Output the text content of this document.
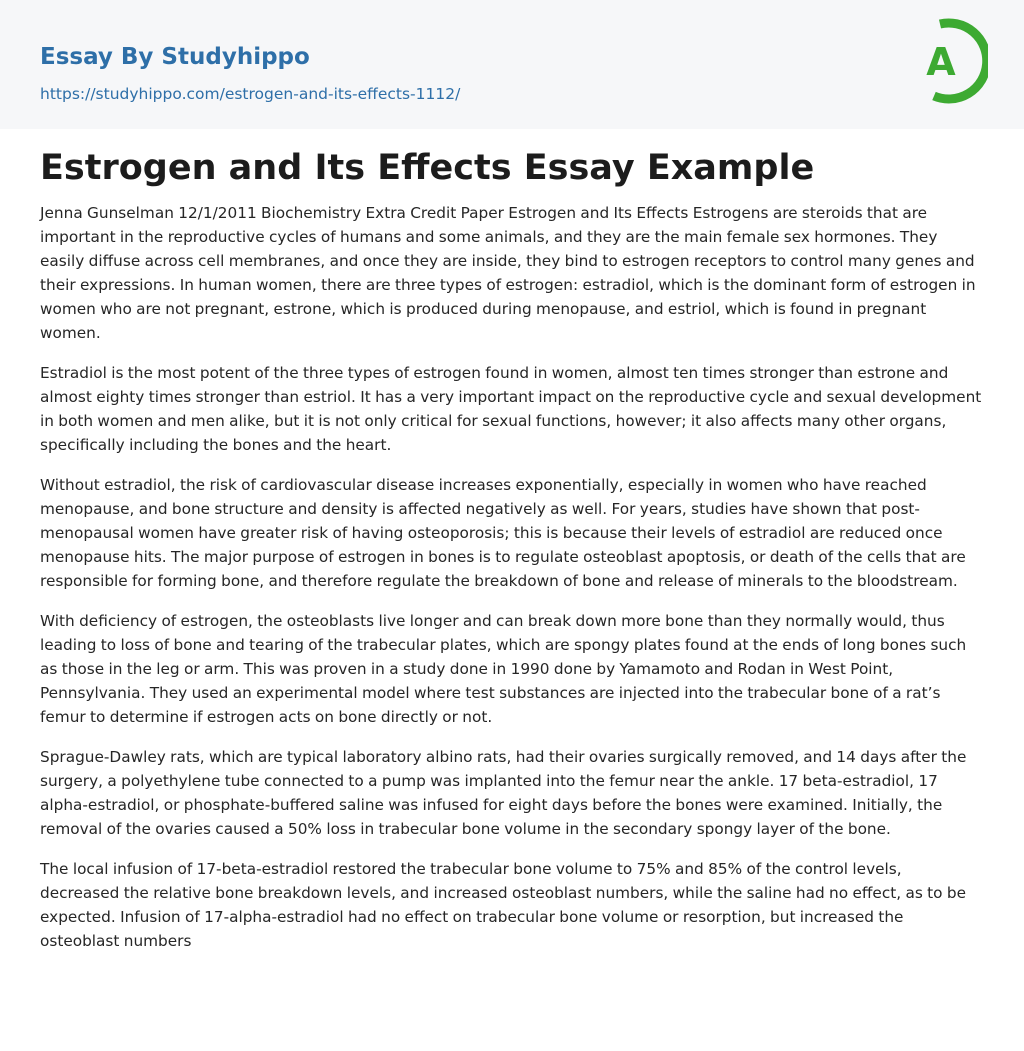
Essay By Studyhippo
https://studyhippo.com/estrogen-and-its-effects-1112/
A
Estrogen and Its Effects Essay Example

Jenna Gunselman 12/1/2011 Biochemistry Extra Credit Paper Estrogen and Its Effects Estrogens are steroids that are important in the reproductive cycles of humans and some animals, and they are the main female sex hormones. They easily diffuse across cell membranes, and once they are inside, they bind to estrogen receptors to control many genes and their expressions. In human women, there are three types of estrogen: estradiol, which is the dominant form of estrogen in women who are not pregnant, estrone, which is produced during menopause, and estriol, which is found in pregnant women.

Estradiol is the most potent of the three types of estrogen found in women, almost ten times stronger than estrone and almost eighty times stronger than estriol. It has a very important impact on the reproductive cycle and sexual development in both women and men alike, but it is not only critical for sexual functions, however; it also affects many other organs, specifically including the bones and the heart.

Without estradiol, the risk of cardiovascular disease increases exponentially, especially in women who have reached menopause, and bone structure and density is affected negatively as well. For years, studies have shown that post-menopausal women have greater risk of having osteoporosis; this is because their levels of estradiol are reduced once menopause hits. The major purpose of estrogen in bones is to regulate osteoblast apoptosis, or death of the cells that are responsible for forming bone, and therefore regulate the breakdown of bone and release of minerals to the bloodstream.

With deficiency of estrogen, the osteoblasts live longer and can break down more bone than they normally would, thus leading to loss of bone and tearing of the trabecular plates, which are spongy plates found at the ends of long bones such as those in the leg or arm. This was proven in a study done in 1990 done by Yamamoto and Rodan in West Point, Pennsylvania. They used an experimental model where test substances are injected into the trabecular bone of a rat’s femur to determine if estrogen acts on bone directly or not.

Sprague-Dawley rats, which are typical laboratory albino rats, had their ovaries surgically removed, and 14 days after the surgery, a polyethylene tube connected to a pump was implanted into the femur near the ankle. 17 beta-estradiol, 17 alpha-estradiol, or phosphate-buffered saline was infused for eight days before the bones were examined. Initially, the removal of the ovaries caused a 50% loss in trabecular bone volume in the secondary spongy layer of the bone.

The local infusion of 17-beta-estradiol restored the trabecular bone volume to 75% and 85% of the control levels, decreased the relative bone breakdown levels, and increased osteoblast numbers, while the saline had no effect, as to be expected. Infusion of 17-alpha-estradiol had no effect on trabecular bone volume or resorption, but increased the osteoblast numbers
